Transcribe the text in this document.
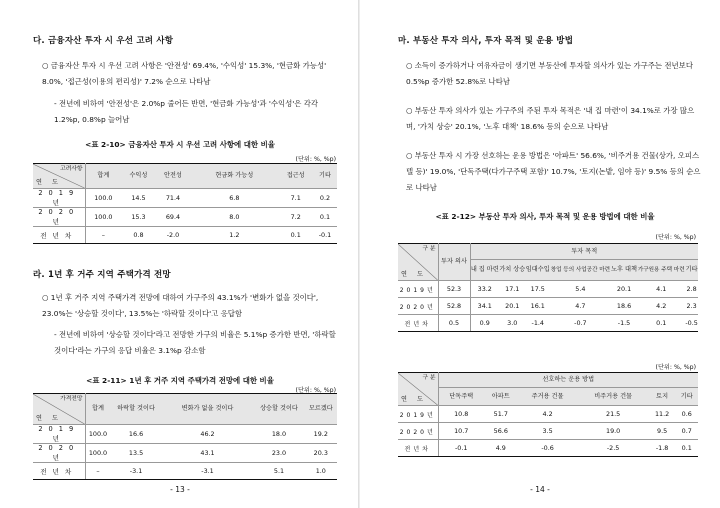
다. 금융자산 투자 시 우선 고려 사항
○ 금융자산 투자 시 우선 고려 사항은 '안전성' 69.4%, '수익성' 15.3%, '현금화 가능성' 8.0%, '접근성(이용의 편리성)' 7.2% 순으로 나타남
- 전년에 비하여 '안전성'은 2.0%p 줄어든 반면, '현금화 가능성'과 '수익성'은 각각 1.2%p, 0.8%p 늘어남
<표 2-10> 금융자산 투자 시 우선 고려 사항에 대한 비율
(단위: %, %p)
고려사항
연 도	합계	수익성	안전성	현금화 가능성	접근성	기타
2019년	100.0	14.5	71.4	6.8	7.1	0.2
2020년	100.0	15.3	69.4	8.0	7.2	0.1
전년차	–	0.8	-2.0	1.2	0.1	-0.1
라. 1년 후 거주 지역 주택가격 전망
○ 1년 후 거주 지역 주택가격 전망에 대하여 가구주의 43.1%가 '변화가 없을 것이다', 23.0%는 '상승할 것이다', 13.5%는 '하락할 것이다'고 응답함
- 전년에 비하여 '상승할 것이다'라고 전망한 가구의 비율은 5.1%p 증가한 반면, '하락할 것이다'라는 가구의 응답 비율은 3.1%p 감소함
<표 2-11> 1년 후 거주 지역 주택가격 전망에 대한 비율
(단위: %, %p)
가격전망
연 도	합계	하락할 것이다	변화가 없을 것이다	상승할 것이다	모르겠다
2019년	100.0	16.6	46.2	18.0	19.2
2020년	100.0	13.5	43.1	23.0	20.3
전년차	–	-3.1	-3.1	5.1	1.0
- 13 -
마. 부동산 투자 의사, 투자 목적 및 운용 방법
○ 소득이 증가하거나 여유자금이 생기면 부동산에 투자할 의사가 있는 가구주는 전년보다 0.5%p 증가한 52.8%로 나타남
○ 부동산 투자 의사가 있는 가구주의 주된 투자 목적은 '내 집 마련'이 34.1%로 가장 많으며, '가치 상승' 20.1%, '노후 대책' 18.6% 등의 순으로 나타남
○ 부동산 투자 시 가장 선호하는 운용 방법은 '아파트' 56.6%, '비주거용 건물(상가, 오피스텔 등)' 19.0%, '단독주택(다가구주택 포함)' 10.7%, '토지(논밭, 임야 등)' 9.5% 등의 순으로 나타남
<표 2-12> 부동산 투자 의사, 투자 목적 및 운용 방법에 대한 비율
(단위: %, %p)
구 분
연 도	투자 의사	투자 목적						
		내 집 마련	가치 상승	임대수입	창업 등의 사업공간 마련	노후 대책	가구원용 주택 마련	기타
2019년	52.3	33.2	17.1	17.5	5.4	20.1	4.1	2.8
2020년	52.8	34.1	20.1	16.1	4.7	18.6	4.2	2.3
전년차	0.5	0.9	3.0	-1.4	-0.7	-1.5	0.1	-0.5
(단위: %, %p)
구 분
연 도	선호하는 운용 방법					
	단독주택	아파트	주거용 건물	비주거용 건물	토지	기타
2019년	10.8	51.7	4.2	21.5	11.2	0.6
2020년	10.7	56.6	3.5	19.0	9.5	0.7
전년차	-0.1	4.9	-0.6	-2.5	-1.8	0.1
- 14 -
